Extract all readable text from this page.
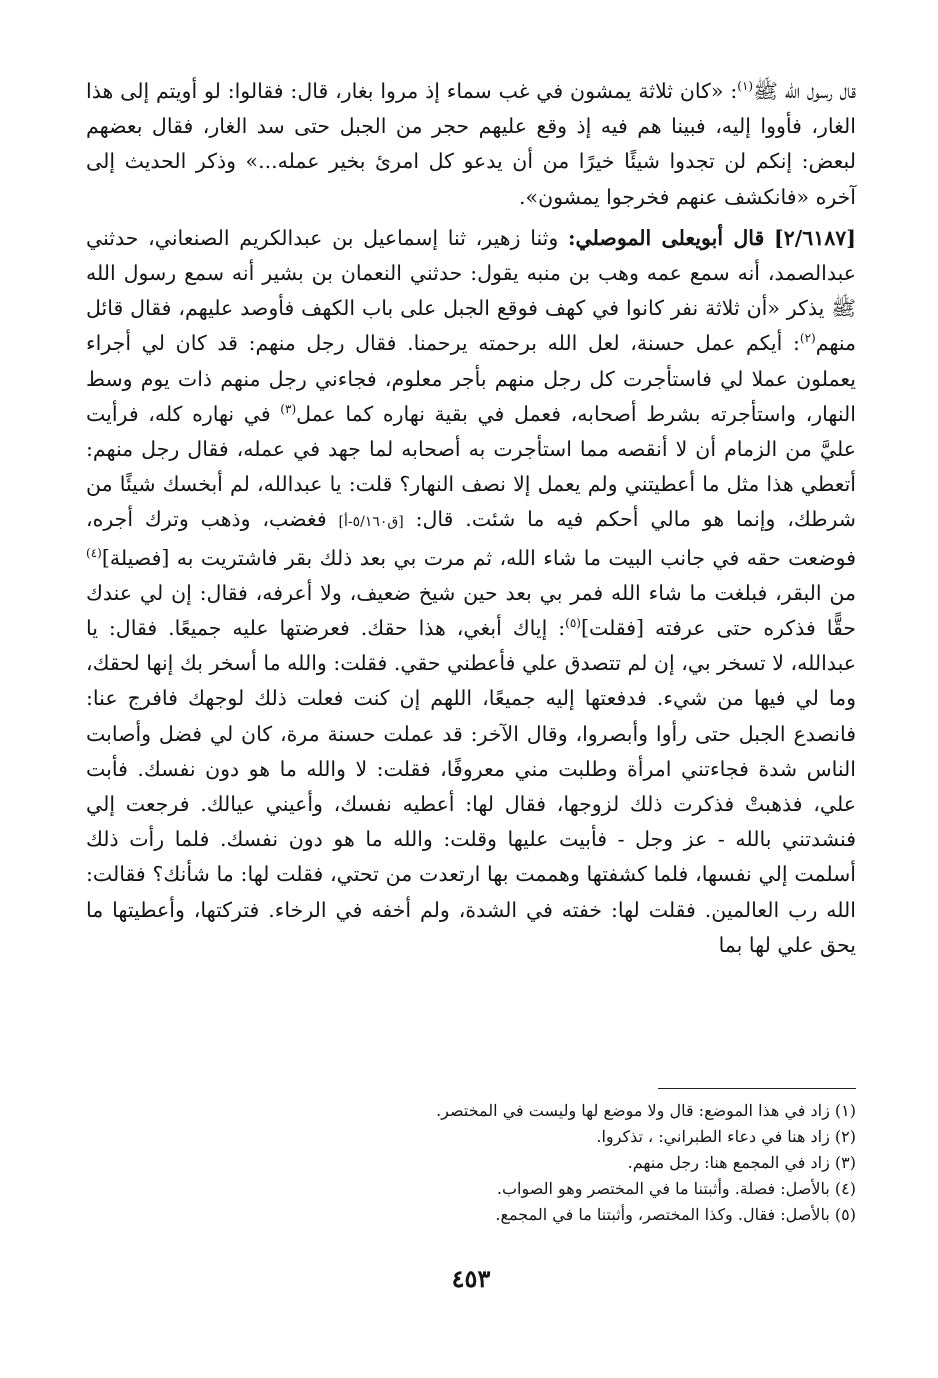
قال رسول الله ﷺ$^{(١)}$: «كان ثلاثة يمشون في غب سماء إذ مروا بغار، قال: فقالوا: لو أويتم إلى هذا الغار، فأووا إليه، فبينا هم فيه إذ وقع عليهم حجر من الجبل حتى سد الغار، فقال بعضهم لبعض: إنكم لن تجدوا شيئًا خيرًا من أن يدعو كل امرئ بخير عمله...» وذكر الحديث إلى آخره «فانكشف عنهم فخرجوا يمشون».

[٢/٦١٨٧] قال أبويعلى الموصلي: وثنا زهير، ثنا إسماعيل بن عبدالكريم الصنعاني، حدثني عبدالصمد، أنه سمع عمه وهب بن منبه يقول: حدثني النعمان بن بشير أنه سمع رسول الله ﷺ يذكر «أن ثلاثة نفر كانوا في كهف فوقع الجبل على باب الكهف فأوصد عليهم، فقال قائل منهم$^{(٢)}$: أيكم عمل حسنة، لعل الله برحمته يرحمنا. فقال رجل منهم: قد كان لي أجراء يعملون عملا لي فاستأجرت كل رجل منهم بأجر معلوم، فجاءني رجل منهم ذات يوم وسط النهار، واستأجرته بشرط أصحابه، فعمل في بقية نهاره كما عمل$^{(٣)}$ في نهاره كله، فرأيت عليَّ من الزمام أن لا أنقصه مما استأجرت به أصحابه لما جهد في عمله، فقال رجل منهم: أتعطي هذا مثل ما أعطيتني ولم يعمل إلا نصف النهار؟ قلت: يا عبدالله، لم أبخسك شيئًا من شرطك، وإنما هو مالي أحكم فيه ما شئت. قال: [ق٥/١٦٠-أ] فغضب، وذهب وترك أجره، فوضعت حقه في جانب البيت ما شاء الله، ثم مرت بي بعد ذلك بقر فاشتريت به [فصيلة]$^{(٤)}$ من البقر، فبلغت ما شاء الله فمر بي بعد حين شيخ ضعيف، ولا أعرفه، فقال: إن لي عندك حقًّا فذكره حتى عرفته [فقلت]$^{(٥)}$: إياك أبغي، هذا حقك. فعرضتها عليه جميعًا. فقال: يا عبدالله، لا تسخر بي، إن لم تتصدق علي فأعطني حقي. فقلت: والله ما أسخر بك إنها لحقك، وما لي فيها من شيء. فدفعتها إليه جميعًا، اللهم إن كنت فعلت ذلك لوجهك فافرج عنا: فانصدع الجبل حتى رأوا وأبصروا، وقال الآخر: قد عملت حسنة مرة، كان لي فضل وأصابت الناس شدة فجاءتني امرأة وطلبت مني معروفًا، فقلت: لا والله ما هو دون نفسك. فأبت علي، فذهبتْ فذكرت ذلك لزوجها، فقال لها: أعطيه نفسك، وأعيني عيالك. فرجعت إلي فنشدتني بالله - عز وجل - فأبيت عليها وقلت: والله ما هو دون نفسك. فلما رأت ذلك أسلمت إلي نفسها، فلما كشفتها وهممت بها ارتعدت من تحتي، فقلت لها: ما شأنك؟ فقالت: الله رب العالمين. فقلت لها: خفته في الشدة، ولم أخفه في الرخاء. فتركتها، وأعطيتها ما يحق علي لها بما

(١) زاد في هذا الموضع: قال ولا موضع لها وليست في المختصر.

(٢) زاد هنا في دعاء الطبراني: ، تذكروا.

(٣) زاد في المجمع هنا: رجل منهم.

(٤) بالأصل: فصلة. وأثبتنا ما في المختصر وهو الصواب.

(٥) بالأصل: فقال. وكذا المختصر، وأثبتنا ما في المجمع.

٤٥٣
